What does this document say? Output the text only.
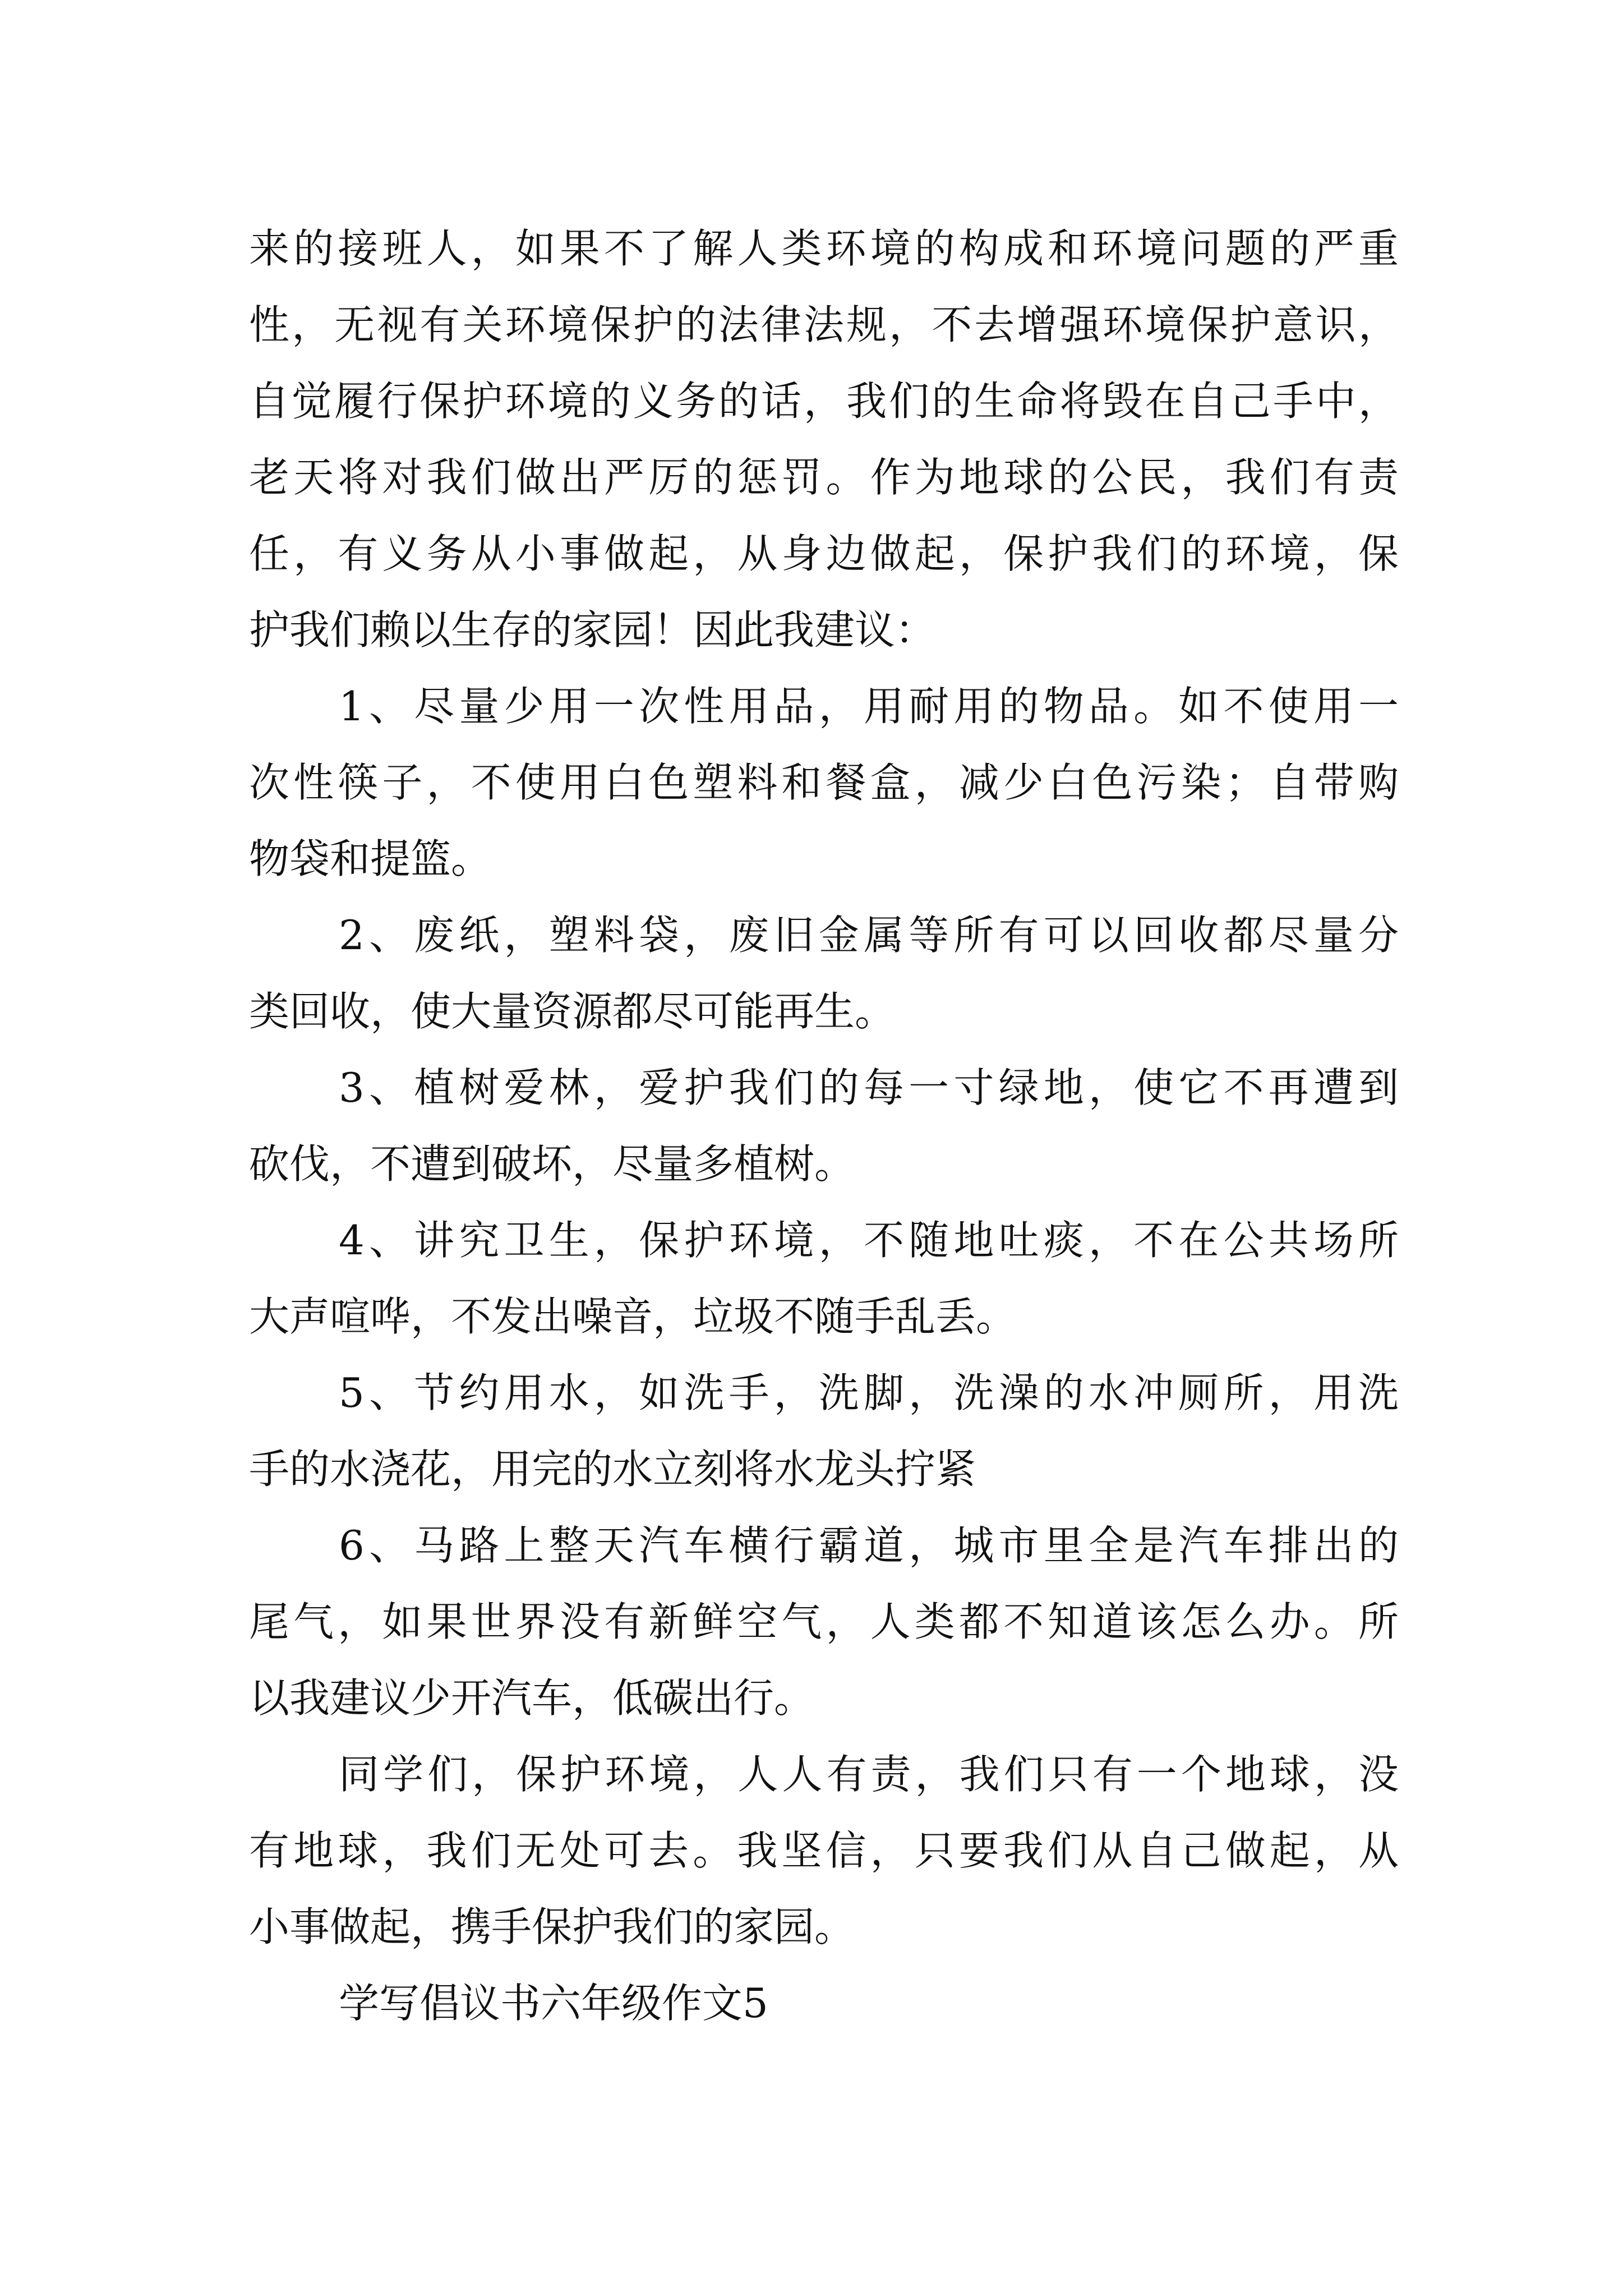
来的接班人，如果不了解人类环境的构成和环境问题的严重
性，无视有关环境保护的法律法规，不去增强环境保护意识，
自觉履行保护环境的义务的话，我们的生命将毁在自己手中，
老天将对我们做出严厉的惩罚。作为地球的公民，我们有责
任，有义务从小事做起，从身边做起，保护我们的环境，保
护我们赖以生存的家园！因此我建议：
1、尽量少用一次性用品，用耐用的物品。如不使用一
次性筷子，不使用白色塑料和餐盒，减少白色污染；自带购
物袋和提篮。
2、废纸，塑料袋，废旧金属等所有可以回收都尽量分
类回收，使大量资源都尽可能再生。
3、植树爱林，爱护我们的每一寸绿地，使它不再遭到
砍伐，不遭到破坏，尽量多植树。
4、讲究卫生，保护环境，不随地吐痰，不在公共场所
大声喧哗，不发出噪音，垃圾不随手乱丢。
5、节约用水，如洗手，洗脚，洗澡的水冲厕所，用洗
手的水浇花，用完的水立刻将水龙头拧紧
6、马路上整天汽车横行霸道，城市里全是汽车排出的
尾气，如果世界没有新鲜空气，人类都不知道该怎么办。所
以我建议少开汽车，低碳出行。
同学们，保护环境，人人有责，我们只有一个地球，没
有地球，我们无处可去。我坚信，只要我们从自己做起，从
小事做起，携手保护我们的家园。
学写倡议书六年级作文5
